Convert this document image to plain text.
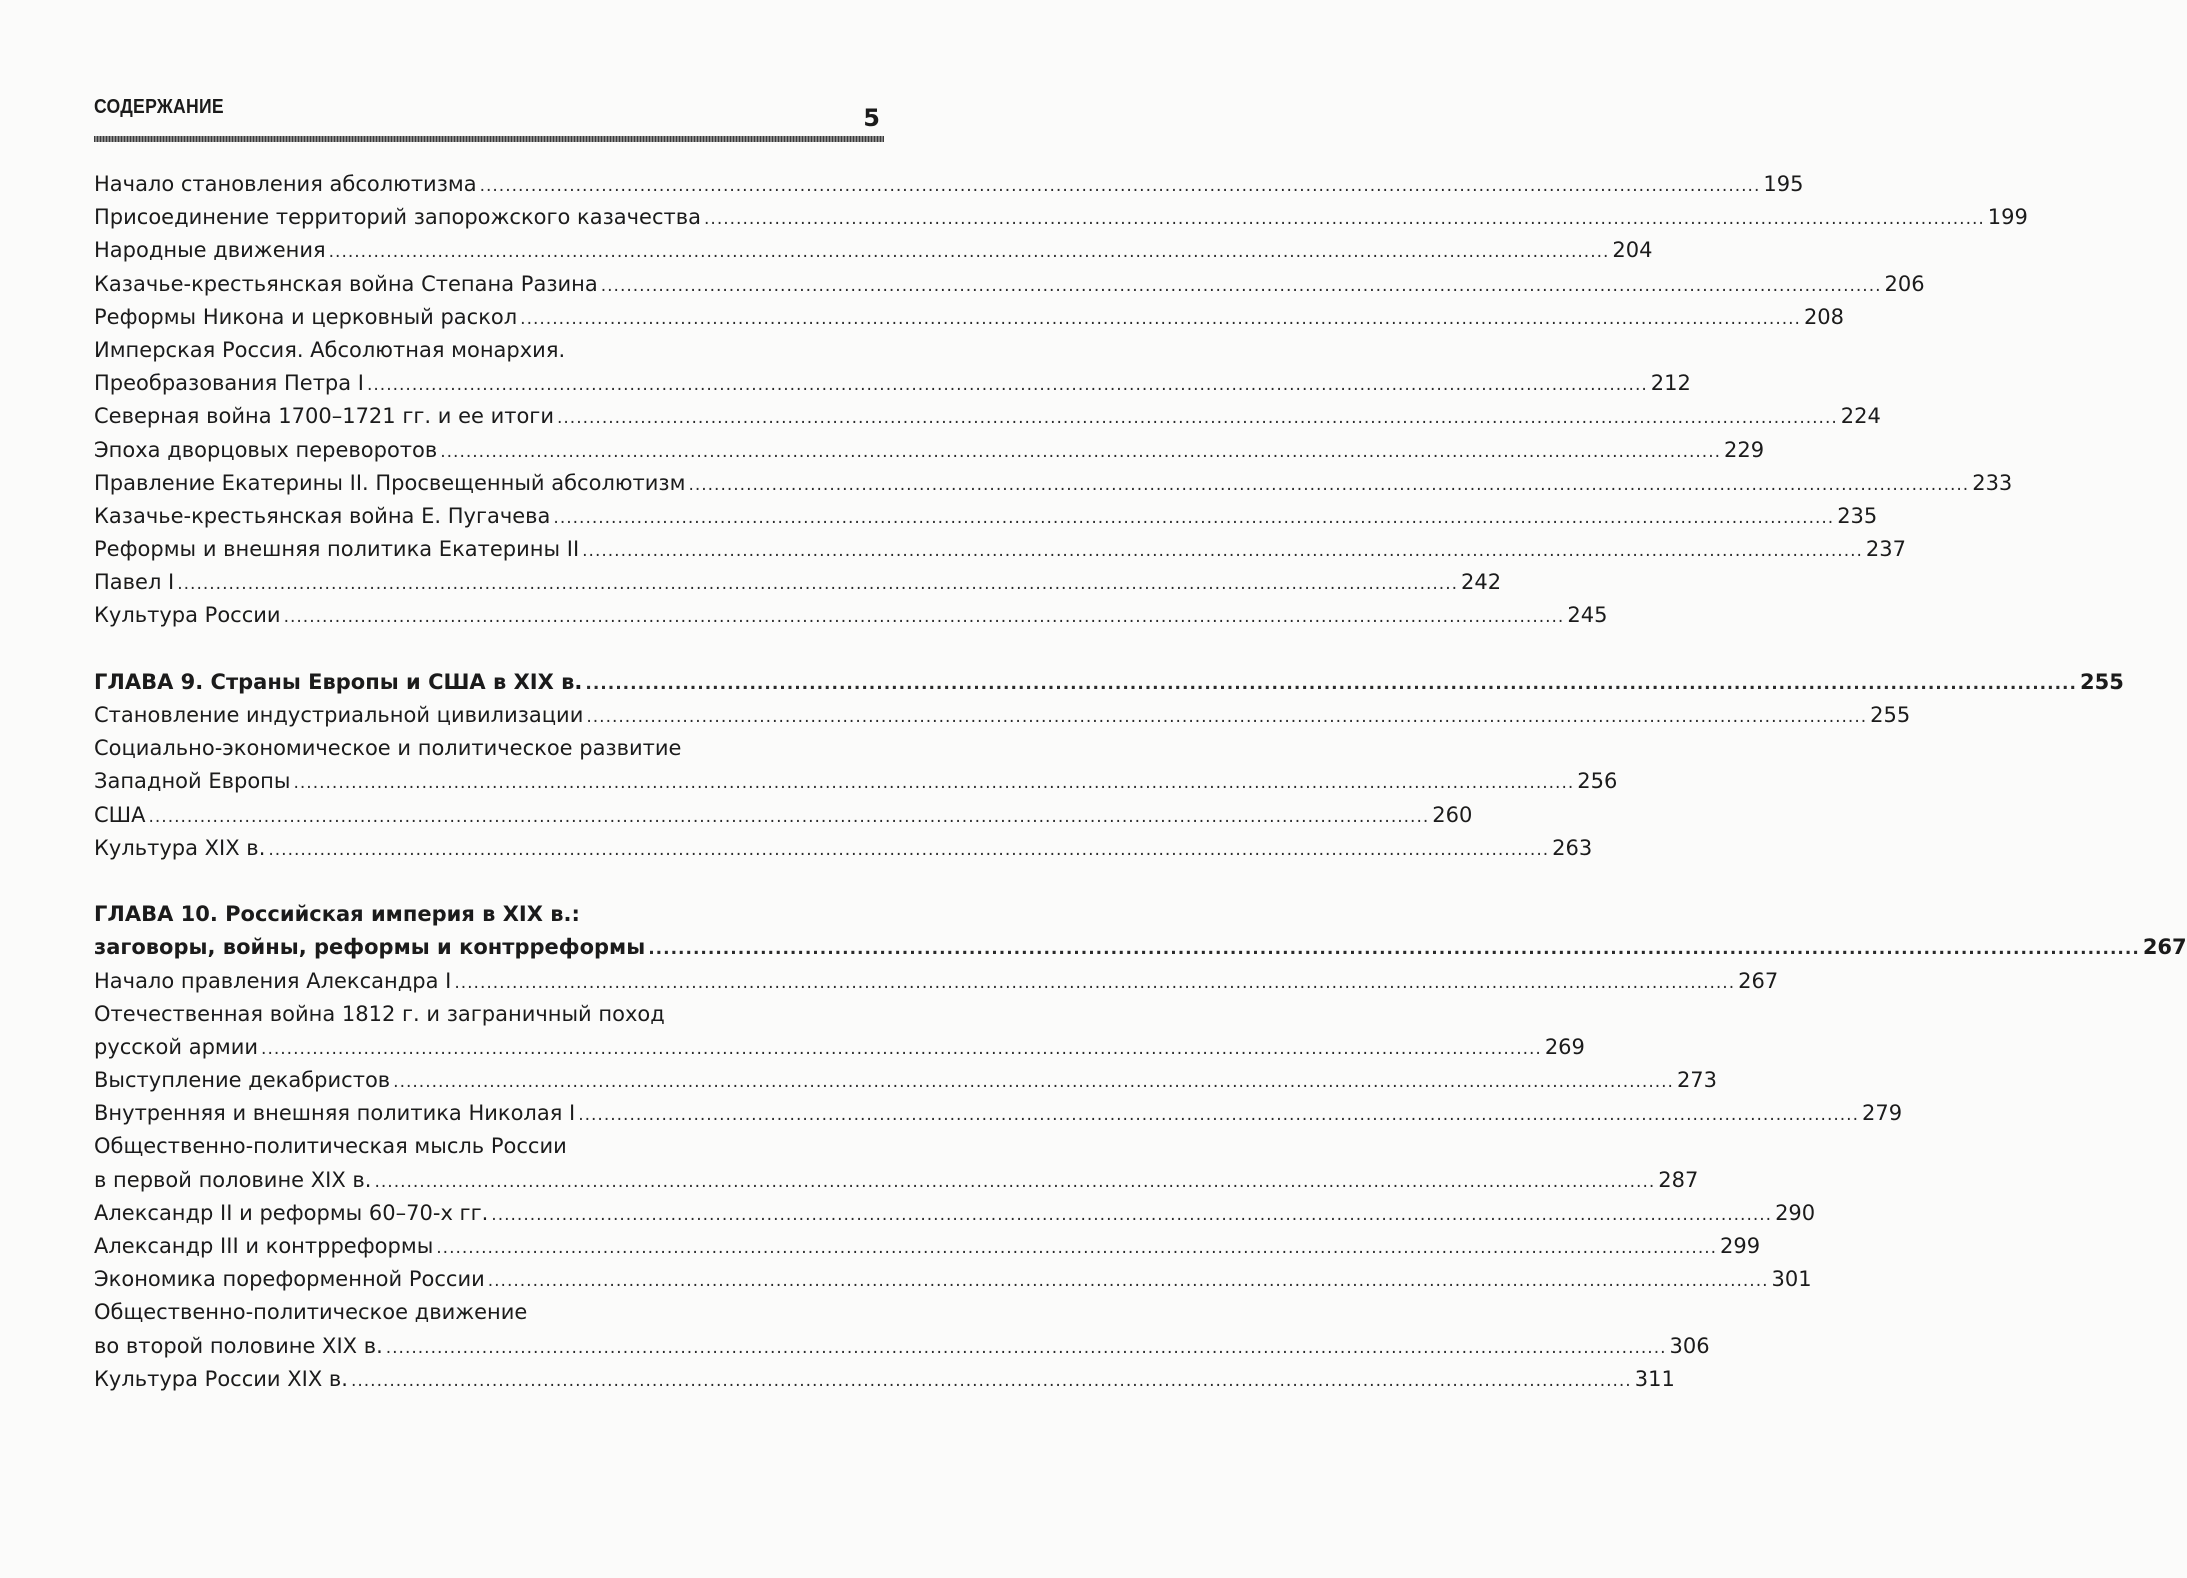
СОДЕРЖАНИЕ	5
Начало становления абсолютизма ........................................................................................................................................................................................................ 195
Присоединение территорий запорожского казачества ........................................................................................................................................................................................................ 199
Народные движения ........................................................................................................................................................................................................ 204
Казачье-крестьянская война Степана Разина ........................................................................................................................................................................................................ 206
Реформы Никона и церковный раскол ........................................................................................................................................................................................................ 208
Имперская Россия. Абсолютная монархия.
Преобразования Петра I ........................................................................................................................................................................................................ 212
Северная война 1700–1721 гг. и ее итоги ........................................................................................................................................................................................................ 224
Эпоха дворцовых переворотов ........................................................................................................................................................................................................ 229
Правление Екатерины II. Просвещенный абсолютизм ........................................................................................................................................................................................................ 233
Казачье-крестьянская война Е. Пугачева ........................................................................................................................................................................................................ 235
Реформы и внешняя политика Екатерины II ........................................................................................................................................................................................................ 237
Павел I ........................................................................................................................................................................................................ 242
Культура России ........................................................................................................................................................................................................ 245
ГЛАВА 9. Страны Европы и США в XIX в. ........................................................................................................................................................................................................ 255
Становление индустриальной цивилизации ........................................................................................................................................................................................................ 255
Социально-экономическое и политическое развитие
Западной Европы ........................................................................................................................................................................................................ 256
США ........................................................................................................................................................................................................ 260
Культура XIX в. ........................................................................................................................................................................................................ 263
ГЛАВА 10. Российская империя в XIX в.:
заговоры, войны, реформы и контрреформы ........................................................................................................................................................................................................ 267
Начало правления Александра I ........................................................................................................................................................................................................ 267
Отечественная война 1812 г. и заграничный поход
русской армии ........................................................................................................................................................................................................ 269
Выступление декабристов ........................................................................................................................................................................................................ 273
Внутренняя и внешняя политика Николая I ........................................................................................................................................................................................................ 279
Общественно-политическая мысль России
в первой половине XIX в. ........................................................................................................................................................................................................ 287
Александр II и реформы 60–70-х гг. ........................................................................................................................................................................................................ 290
Александр III и контрреформы ........................................................................................................................................................................................................ 299
Экономика пореформенной России ........................................................................................................................................................................................................ 301
Общественно-политическое движение
во второй половине XIX в. ........................................................................................................................................................................................................ 306
Культура России XIX в. ........................................................................................................................................................................................................ 311
